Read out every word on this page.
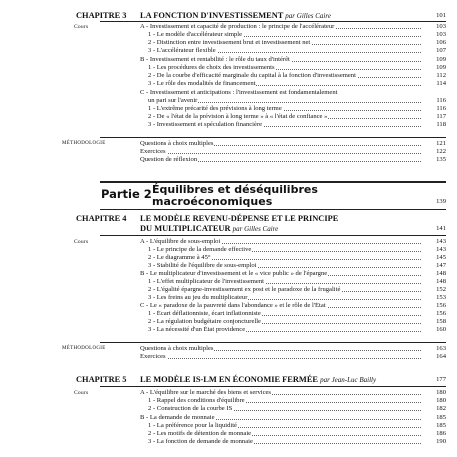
CHAPITRE 3 LA FONCTION D'INVESTISSEMENT par Gilles Caire	101
Cours	A - Investissement et capacité de production : le principe de l'accélérateur	103
1 - Le modèle d'accélérateur simple	103
2 - Distinction entre investissement brut et investissement net	106
3 - L'accélérateur flexible	107
B - Investissement et rentabilité : le rôle du taux d'intérêt	109
1 - Les procédures de choix des investissements	109
2 - De la courbe d'efficacité marginale du capital à la fonction d'investissement	112
3 - Le rôle des modalités de financement	114
C - Investissement et anticipations : l'investissement est fondamentalement
un pari sur l'avenir	116
1 - L'extrême précarité des prévisions à long terme	116
2 - De « l'état de la prévision à long terme » à « l'état de confiance »	117
3 - Investissement et spéculation financière	118
MÉTHODOLOGIE	Questions à choix multiples	121
Exercices	122
Question de réflexion	135
Partie 2 Équilibres et déséquilibres
macroéconomiques	139
CHAPITRE 4 LE MODÈLE REVENU-DÉPENSE ET LE PRINCIPE
DU MULTIPLICATEUR par Gilles Caire	141
Cours	A - L'équilibre de sous-emploi	143
1 - Le principe de la demande effective	143
2 - Le diagramme à 45°	145
3 - Stabilité de l'équilibre de sous-emploi	147
B - Le multiplicateur d'investissement et le « vice public » de l'épargne	148
1 - L'effet multiplicateur de l'investissement	148
2 - L'égalité épargne-investissement ex post et le paradoxe de la frugalité	152
3 - Les freins au jeu du multiplicateur	153
C - Le « paradoxe de la pauvreté dans l'abondance » et le rôle de l'État	156
1 - Écart déflationniste, écart inflationniste	156
2 - La régulation budgétaire conjoncturelle	158
3 - La nécessité d'un État providence	160
MÉTHODOLOGIE	Questions à choix multiples	163
Exercices	164
CHAPITRE 5 LE MODÈLE IS-LM EN ÉCONOMIE FERMÉE par Jean-Luc Bailly	177
Cours	A - L'équilibre sur le marché des biens et services	180
1 - Rappel des conditions d'équilibre	180
2 - Construction de la courbe IS	182
B - La demande de monnaie	185
1 - La préférence pour la liquidité	185
2 - Les motifs de détention de monnaie	186
3 - La fonction de demande de monnaie	190
